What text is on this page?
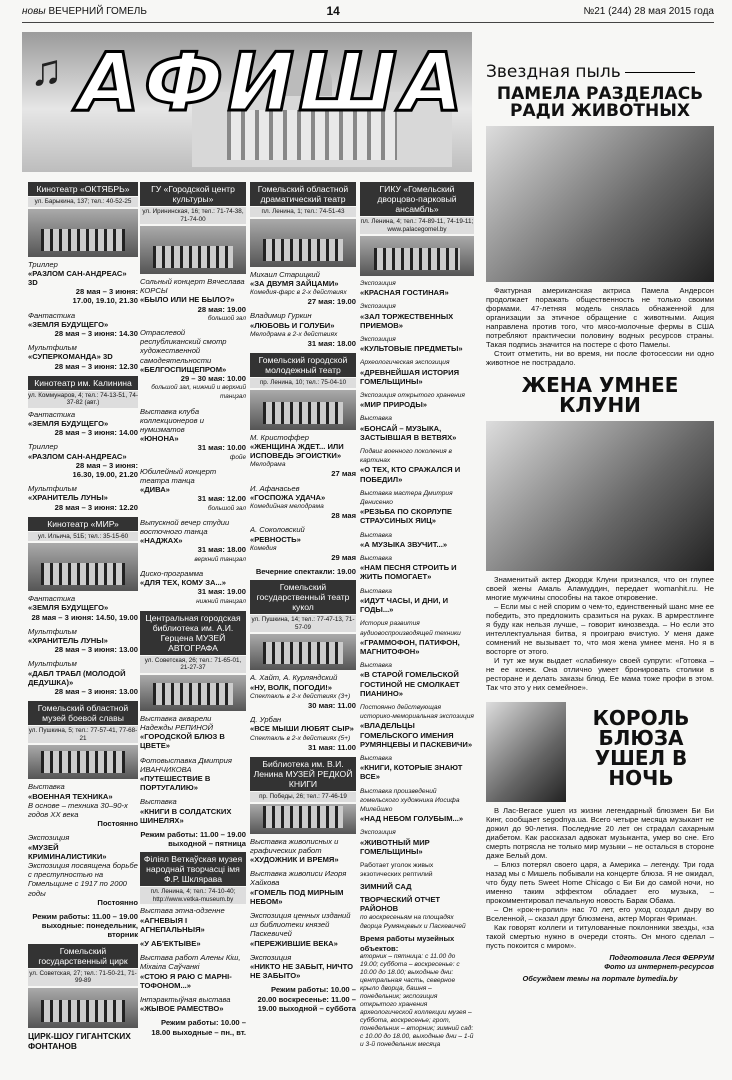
новы ВЕЧЕРНИЙ ГОМЕЛЬ	14	№21 (244) 28 мая 2015 года
♫ АФИША
Кинотеатр «ОКТЯБРЬ»
ул. Барыкина, 137; тел.: 40-52-25
Триллер
«РАЗЛОМ САН-АНДРЕАС» 3D
28 мая – 3 июня:
17.00, 19.10, 21.30
Фантастика
«ЗЕМЛЯ БУДУЩЕГО»
28 мая – 3 июня: 14.30
Мультфильм
«СУПЕРКОМАНДА» 3D
28 мая – 3 июня: 12.30
Кинотеатр им. Калинина
ул. Коммунаров, 4; тел.: 74-13-51, 74-37-82 (авт.)
Фантастика
«ЗЕМЛЯ БУДУЩЕГО»
28 мая – 3 июня: 14.00
Триллер
«РАЗЛОМ САН-АНДРЕАС»
28 мая – 3 июня:
16.30, 19.00, 21.20
Мультфильм
«ХРАНИТЕЛЬ ЛУНЫ»
28 мая – 3 июня: 12.20
Кинотеатр «МИР»
ул. Ильича, 51Б; тел.: 35-15-60
Фантастика
«ЗЕМЛЯ БУДУЩЕГО»
28 мая – 3 июня: 14.50, 19.00
Мультфильм
«ХРАНИТЕЛЬ ЛУНЫ»
28 мая – 3 июня: 13.00
Мультфильм
«ДАБЛ ТРАБЛ (МОЛОДОЙ ДЕДУШКА)»
28 мая – 3 июня: 13.00
Гомельский областной музей боевой славы
ул. Пушкина, 5; тел.: 77-57-41, 77-68-21
Выставка
«ВОЕННАЯ ТЕХНИКА»
В основе – техника 30–90-х годов XX века
Постоянно
Экспозиция
«МУЗЕЙ КРИМИНАЛИСТИКИ»
Экспозиция посвящена борьбе с преступностью на Гомельщине с 1917 по 2000 годы
Постоянно
Режим работы: 11.00 – 19.00
выходные: понедельник, вторник
Гомельский государственный цирк
ул. Советская, 27; тел.: 71-50-21, 71-99-89
ЦИРК-ШОУ ГИГАНТСКИХ ФОНТАНОВ
ГУ «Городской центр культуры»
ул. Ирининская, 16; тел.: 71-74-38, 71-74-00
Сольный концерт Вячеслава КОРСЫ
«БЫЛО ИЛИ НЕ БЫЛО?»
28 мая: 19.00
большой зал
Отраслевой республиканский смотр художественной самодеятельности
«БЕЛГОСПИЩЕПРОМ»
29 – 30 мая: 10.00
большой зал, нижний и верхний танцзал
Выставка клуба коллекционеров и нумизматов
«ЮНОНА»
31 мая: 10.00
фойе
Юбилейный концерт театра танца
«ДИВА»
31 мая: 12.00
большой зал
Выпускной вечер студии восточного танца
«НАДЖАХ»
31 мая: 18.00
верхний танцзал
Диско-программа
«ДЛЯ ТЕХ, КОМУ ЗА...»
31 мая: 19.00
нижний танцзал
Центральная городская библиотека им. А.И. Герцена МУЗЕЙ АВТОГРАФА
ул. Советская, 26; тел.: 71-65-01, 21-27-37
Выставка акварели Надежды РЕПИНОЙ
«ГОРОДСКОЙ БЛЮЗ В ЦВЕТЕ»
Фотовыставка Дмитрия ИВАНЧИКОВА
«ПУТЕШЕСТВИЕ В ПОРТУГАЛИЮ»
Выставка
«КНИГИ В СОЛДАТСКИХ ШИНЕЛЯХ»
Режим работы: 11.00 – 19.00 выходной – пятница
Філіял Веткаўская музея народнай творчасці імя Ф.Р. Шклярава
пл. Ленина, 4; тел.: 74-10-40; http://www.vetka-museum.by
Выстава этна-одзенне
«АГНЕВЫЯ І АГНЕПАЛЬНЫЯ»
«У АБ'ЕКТЫВЕ»
Выстава работ Алены Кіш, Міхаіла Саўчанкі
«СТОЮ Я РАЮ С МАРНІ-ТОФОНОМ...»
Інтэрактыўная выстава
«ЖЫВОЕ РАМЕСТВО»
Режим работы: 10.00 – 18.00 выходные – пн., вт.
Гомельский областной драматический театр
пл. Ленина, 1; тел.: 74-51-43
Михаил Старицкий
«ЗА ДВУМЯ ЗАЙЦАМИ»
Комедия-фарс в 2-х действиях
27 мая: 19.00
Владимир Гуркин
«ЛЮБОВЬ И ГОЛУБИ»
Мелодрама в 2-х действиях
31 мая: 18.00
Гомельский городской молодежный театр
пр. Ленина, 10; тел.: 75-04-10
М. Кристоффер
«ЖЕНЩИНА ЖДЕТ... ИЛИ ИСПОВЕДЬ ЭГОИСТКИ»
Мелодрама
27 мая
И. Афанасьев
«ГОСПОЖА УДАЧА»
Комедийная мелодрама
28 мая
А. Соколовский
«РЕВНОСТЬ»
Комедия
29 мая
Вечерние спектакли: 19.00
Гомельский государственный театр кукол
ул. Пушкина, 14; тел.: 77-47-13, 71-57-09
А. Хайт, А. Курляндский
«НУ, ВОЛК, ПОГОДИ!»
Спектакль в 2-х действиях (3+)
30 мая: 11.00
Д. Урбан
«ВСЕ МЫШИ ЛЮБЯТ СЫР»
Спектакль в 2-х действиях (5+)
31 мая: 11.00
Библиотека им. В.И. Ленина МУЗЕЙ РЕДКОЙ КНИГИ
пр. Победы, 26; тел.: 77-46-19
Выставка живописных и графических работ
«ХУДОЖНИК И ВРЕМЯ»
Выставка живописи Игоря Хайкова
«ГОМЕЛЬ ПОД МИРНЫМ НЕБОМ»
Экспозиция ценных изданий из библиотеки князей Паскевичей
«ПЕРЕЖИВШИЕ ВЕКА»
Экспозиция
«НИКТО НЕ ЗАБЫТ, НИЧТО НЕ ЗАБЫТО»
Режим работы: 10.00 – 20.00 воскресенье: 11.00 – 19.00 выходной – суббота
ГИКУ «Гомельский дворцово-парковый ансамбль»
пл. Ленина, 4; тел.: 74-89-11, 74-19-11; www.palacegomel.by
Экспозиция
«КРАСНАЯ ГОСТИНАЯ»
Экспозиция
«ЗАЛ ТОРЖЕСТВЕННЫХ ПРИЕМОВ»
Экспозиция
«КУЛЬТОВЫЕ ПРЕДМЕТЫ»
Археологическая экспозиция
«ДРЕВНЕЙШАЯ ИСТОРИЯ ГОМЕЛЬЩИНЫ»
Экспозиция открытого хранения
«МИР ПРИРОДЫ»
Выставка
«БОНСАЙ – МУЗЫКА, ЗАСТЫВШАЯ В ВЕТВЯХ»
Подвиг военного поколения в картинах
«О ТЕХ, КТО СРАЖАЛСЯ И ПОБЕДИЛ»
Выставка мастера Дмитрия Денисенко
«РЕЗЬБА ПО СКОРЛУПЕ СТРАУСИНЫХ ЯИЦ»
Выставка
«А МУЗЫКА ЗВУЧИТ...»
Выставка
«НАМ ПЕСНЯ СТРОИТЬ И ЖИТЬ ПОМОГАЕТ»
Выставка
«ИДУТ ЧАСЫ, И ДНИ, И ГОДЫ...»
История развития аудиовоспроизводящей техники
«ГРАММОФОН, ПАТИФОН, МАГНИТОФОН»
Выставка
«В СТАРОЙ ГОМЕЛЬСКОЙ ГОСТИНОЙ НЕ СМОЛКАЕТ ПИАНИНО»
Постоянно действующая историко-мемориальная экспозиция
«ВЛАДЕЛЬЦЫ ГОМЕЛЬСКОГО ИМЕНИЯ РУМЯНЦЕВЫ И ПАСКЕВИЧИ»
Выставка
«КНИГИ, КОТОРЫЕ ЗНАЮТ ВСЕ»
Выставка произведений гомельского художника Иосифа Милейшко
«НАД НЕБОМ ГОЛУБЫМ...»
Экспозиция
«ЖИВОТНЫЙ МИР ГОМЕЛЬЩИНЫ»
Работает уголок живых экзотических рептилий
ЗИМНИЙ САД
ТВОРЧЕСКИЙ ОТЧЕТ РАЙОНОВ
по воскресеньям на площадях дворца Румянцевых и Паскевичей
Время работы музейных объектов:
вторник – пятница: с 11.00 до 19.00; суббота – воскресенье: с 10.00 до 18.00; выходные дни: центральная часть, северное крыло дворца, башня – понедельник; экспозиция открытого хранения археологической коллекции музея – суббота, воскресенье; грот, понедельник – вторник; зимний сад: с 10.00 до 18.00, выходные дни – 1-й и 3-й понедельник месяца
Звездная пыль
ПАМЕЛА РАЗДЕЛАСЬ РАДИ ЖИВОТНЫХ

Фактурная американская актриса Памела Андерсон продолжает поражать общественность не только своими формами. 47-летняя модель снялась обнаженной для организации за этичное обращение с животными. Акция направлена против того, что мясо-молочные фермы в США потребляют практически половину водных ресурсов страны. Такая подпись значится на постере с фото Памелы.

Стоит отметить, ни во время, ни после фотосессии ни одно животное не пострадало.

ЖЕНА УМНЕЕ КЛУНИ

Знаменитый актер Джордж Клуни признался, что он глупее своей жены Амаль Аламуддин, передает womanhit.ru. Не многие мужчины способны на такое откровение.

– Если мы с ней спорим о чем-то, единственный шанс мне ее победить, это предложить сразиться на руках. В армрестлинге я буду как нельзя лучше, – говорит кинозвезда. – Но если это интеллектуальная битва, я проиграю вчистую. У меня даже сомнений не вызывает то, что моя жена умнее меня. Но я в восторге от этого.

И тут же муж выдает «слабинку» своей супруги: «Готовка – не ее конек. Она отлично умеет бронировать столики в ресторане и делать заказы блюд. Ее мама тоже профи в этом. Так что это у них семейное».

КОРОЛЬ БЛЮЗА УШЕЛ В НОЧЬ

В Лас-Вегасе ушел из жизни легендарный блюзмен Би Би Кинг, сообщает segodnya.ua. Всего четыре месяца музыкант не дожил до 90-летия. Последние 20 лет он страдал сахарным диабетом. Как рассказал адвокат музыканта, умер во сне. Его смерть потрясла не только мир музыки – не осталься в стороне даже Белый дом.

– Блюз потерял своего царя, а Америка – легенду. Три года назад мы с Мишель побывали на концерте блюза. Я не ожидал, что буду петь Sweet Home Chicago с Би Би до самой ночи, но именно таким эффектом обладает его музыка, – прокомментировал печальную новость Барак Обама.

– Он «рок-н-ролил» нас 70 лет, его уход создал дыру во Вселенной, – сказал друг блюзмена, актер Морган Фриман.

Как говорят коллеги и титулованные поклонники звезды, «за такой смертью нужно в очереди стоять. Он много сделал – пусть покоится с миром».

Подготовила Леся ФЕРРУМ
Фото из интернет-ресурсов
Обсуждаем темы на портале bymedia.by
